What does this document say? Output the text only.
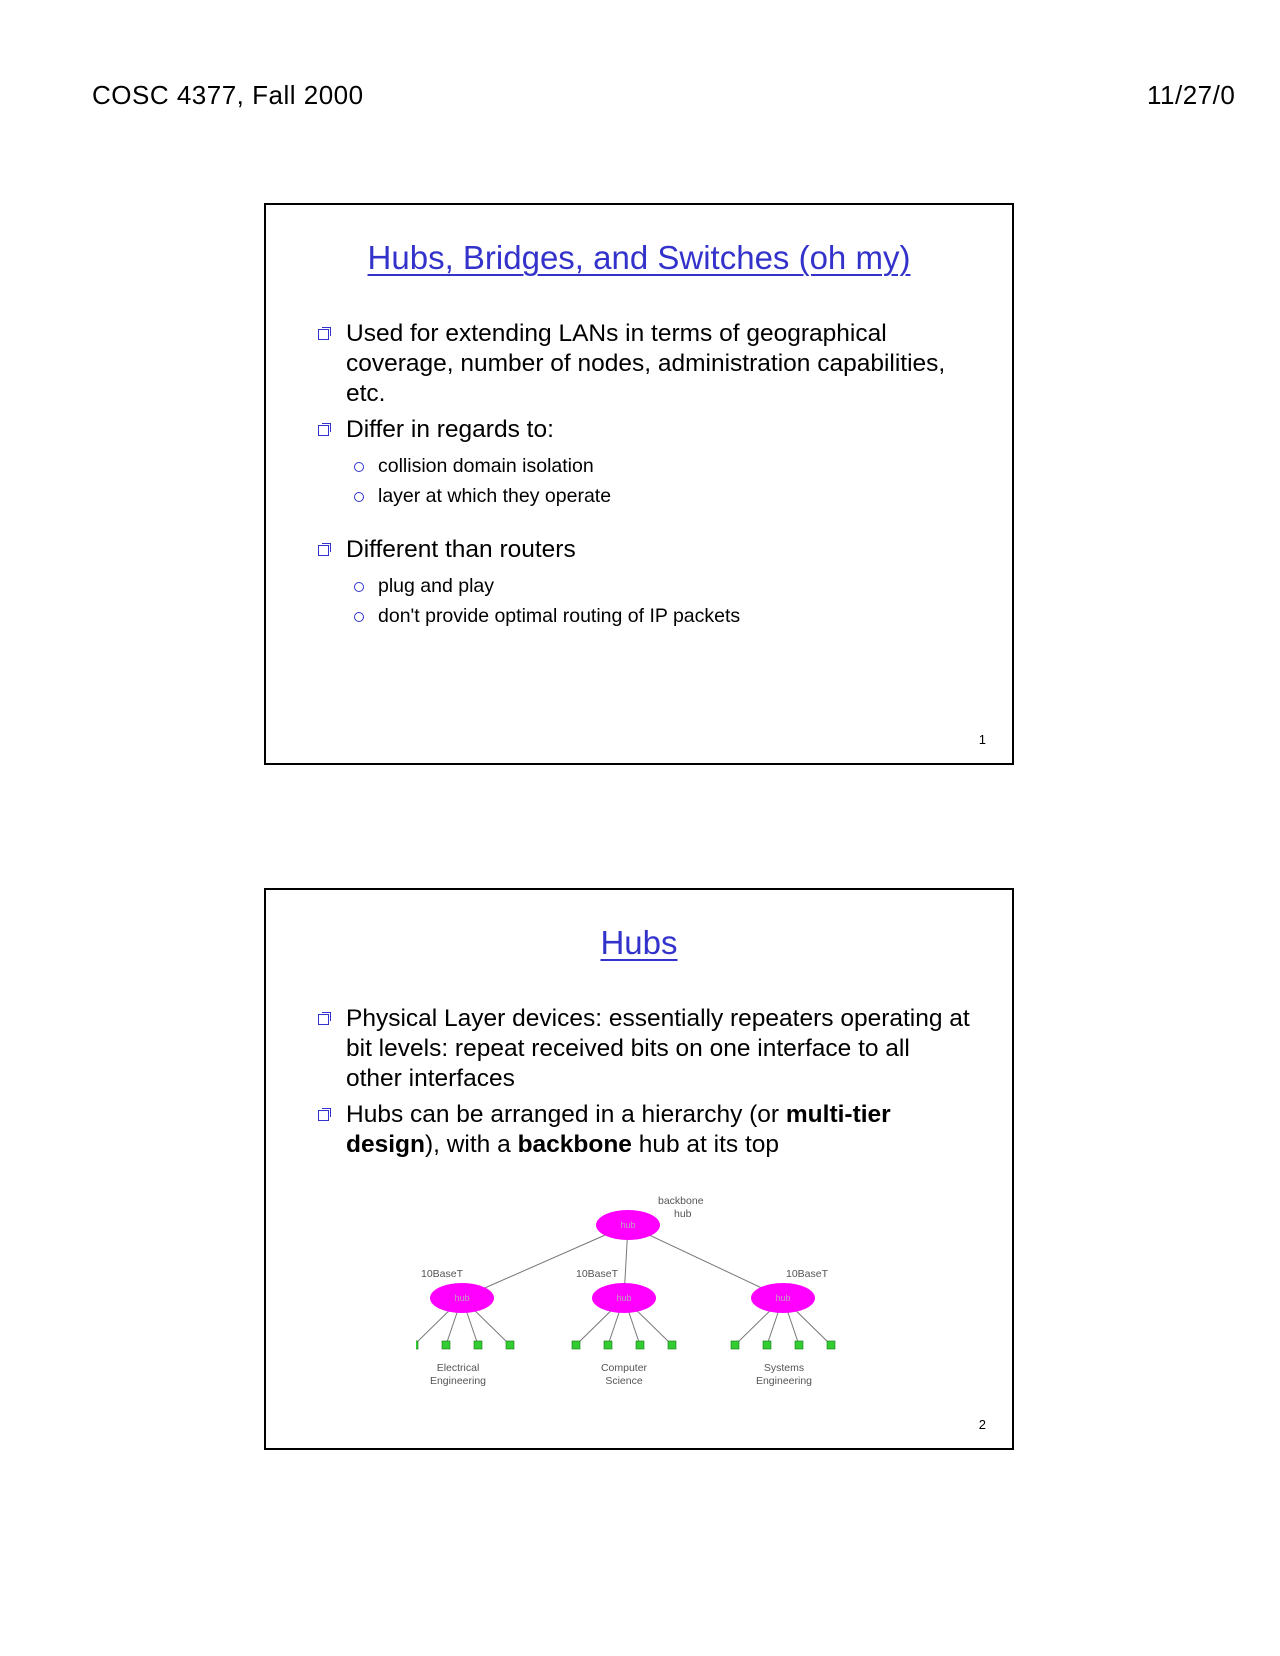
COSC 4377, Fall 2000	11/27/0
Hubs, Bridges, and Switches (oh my)
Used for extending LANs in terms of geographical coverage, number of nodes, administration capabilities, etc.
Differ in regards to:
collision domain isolation
layer at which they operate
Different than routers
plug and play
don't provide optimal routing of IP packets
1
Hubs
Physical Layer devices: essentially repeaters operating at bit levels: repeat received bits on one interface to all other interfaces
Hubs can be arranged in a hierarchy (or multi-tier design), with a backbone hub at its top
hub
hub	hub	hub
backbone
hub
10BaseT	10BaseT	10BaseT
Electrical
Engineering
Computer
Science
Systems
Engineering
2
